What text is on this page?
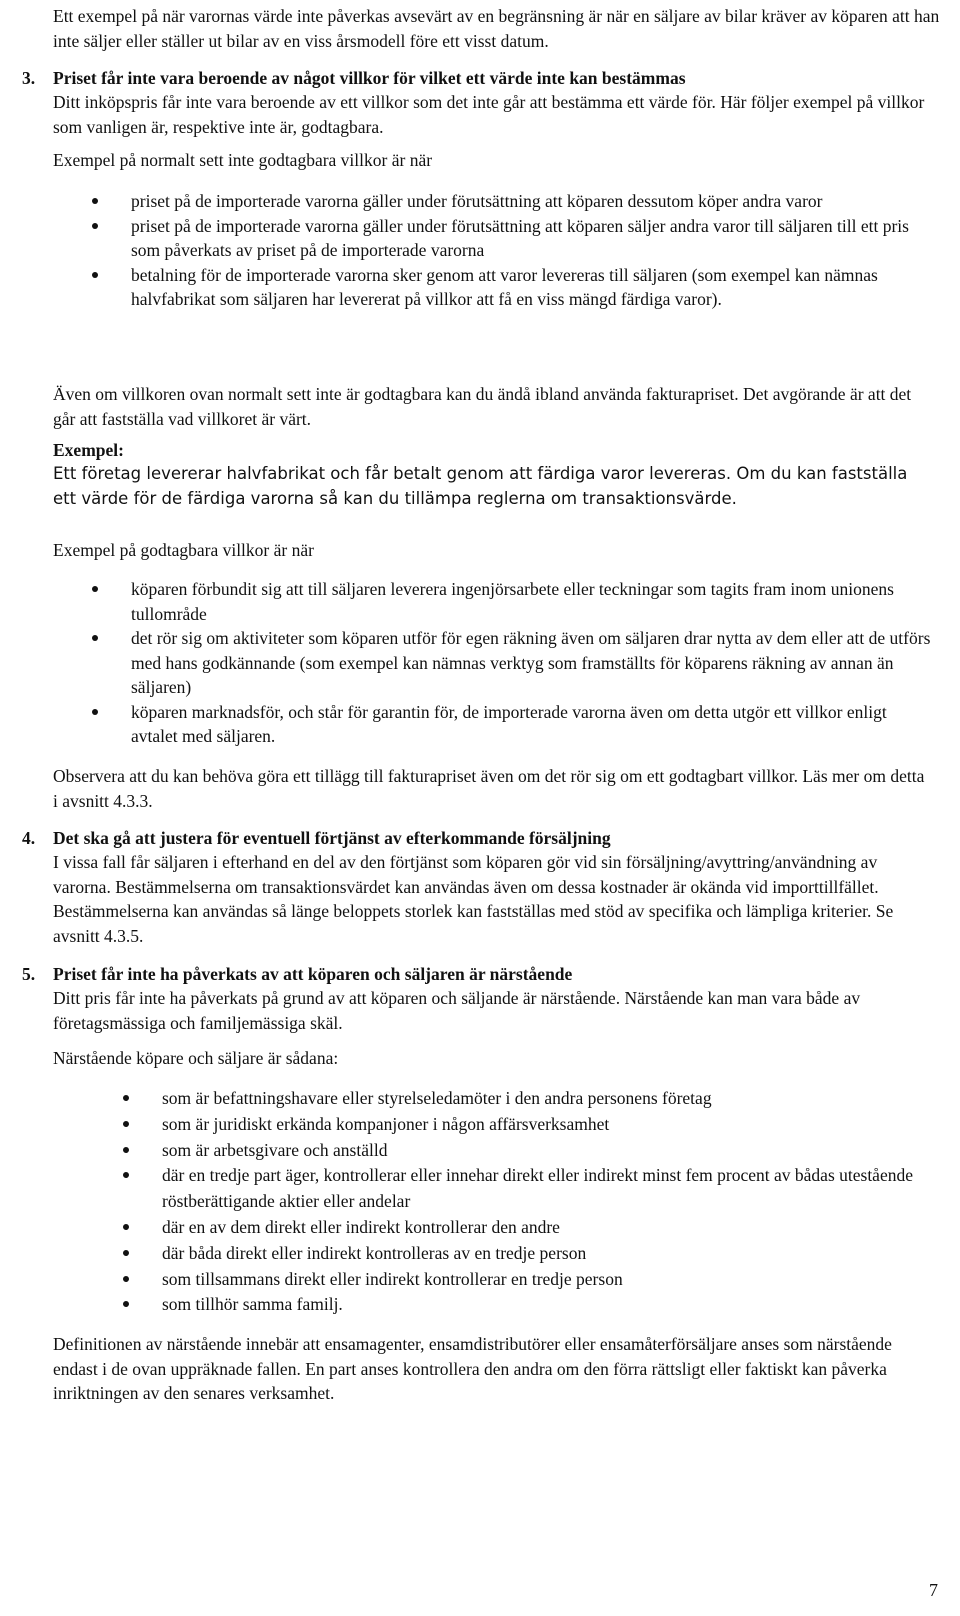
Ett exempel på när varornas värde inte påverkas avsevärt av en begränsning är när en säljare av bilar kräver av köparen att han inte säljer eller ställer ut bilar av en viss årsmodell före ett visst datum.

3. Priset får inte vara beroende av något villkor för vilket ett värde inte kan bestämmas

Ditt inköpspris får inte vara beroende av ett villkor som det inte går att bestämma ett värde för. Här följer exempel på villkor som vanligen är, respektive inte är, godtagbara.

Exempel på normalt sett inte godtagbara villkor är när

priset på de importerade varorna gäller under förutsättning att köparen dessutom köper andra varor
priset på de importerade varorna gäller under förutsättning att köparen säljer andra varor till säljaren till ett pris som påverkats av priset på de importerade varorna
betalning för de importerade varorna sker genom att varor levereras till säljaren (som exempel kan nämnas halvfabrikat som säljaren har levererat på villkor att få en viss mängd färdiga varor).

Även om villkoren ovan normalt sett inte är godtagbara kan du ändå ibland använda fakturapriset. Det avgörande är att det går att fastställa vad villkoret är värt.

Exempel:

Ett företag levererar halvfabrikat och får betalt genom att färdiga varor levereras. Om du kan fastställa ett värde för de färdiga varorna så kan du tillämpa reglerna om transaktionsvärde.

Exempel på godtagbara villkor är när

köparen förbundit sig att till säljaren leverera ingenjörsarbete eller teckningar som tagits fram inom unionens tullområde
det rör sig om aktiviteter som köparen utför för egen räkning även om säljaren drar nytta av dem eller att de utförs med hans godkännande (som exempel kan nämnas verktyg som framställts för köparens räkning av annan än säljaren)
köparen marknadsför, och står för garantin för, de importerade varorna även om detta utgör ett villkor enligt avtalet med säljaren.

Observera att du kan behöva göra ett tillägg till fakturapriset även om det rör sig om ett godtagbart villkor. Läs mer om detta i avsnitt 4.3.3.

4. Det ska gå att justera för eventuell förtjänst av efterkommande försäljning

I vissa fall får säljaren i efterhand en del av den förtjänst som köparen gör vid sin försäljning/avyttring/användning av varorna. Bestämmelserna om transaktionsvärdet kan användas även om dessa kostnader är okända vid importtillfället. Bestämmelserna kan användas så länge beloppets storlek kan fastställas med stöd av specifika och lämpliga kriterier. Se avsnitt 4.3.5.

5. Priset får inte ha påverkats av att köparen och säljaren är närstående

Ditt pris får inte ha påverkats på grund av att köparen och säljande är närstående. Närstående kan man vara både av företagsmässiga och familjemässiga skäl.

Närstående köpare och säljare är sådana:

som är befattningshavare eller styrelseledamöter i den andra personens företag
som är juridiskt erkända kompanjoner i någon affärsverksamhet
som är arbetsgivare och anställd
där en tredje part äger, kontrollerar eller innehar direkt eller indirekt minst fem procent av bådas utestående röstberättigande aktier eller andelar
där en av dem direkt eller indirekt kontrollerar den andre
där båda direkt eller indirekt kontrolleras av en tredje person
som tillsammans direkt eller indirekt kontrollerar en tredje person
som tillhör samma familj.

Definitionen av närstående innebär att ensamagenter, ensamdistributörer eller ensamåterförsäljare anses som närstående endast i de ovan uppräknade fallen. En part anses kontrollera den andra om den förra rättsligt eller faktiskt kan påverka inriktningen av den senares verksamhet.

7
